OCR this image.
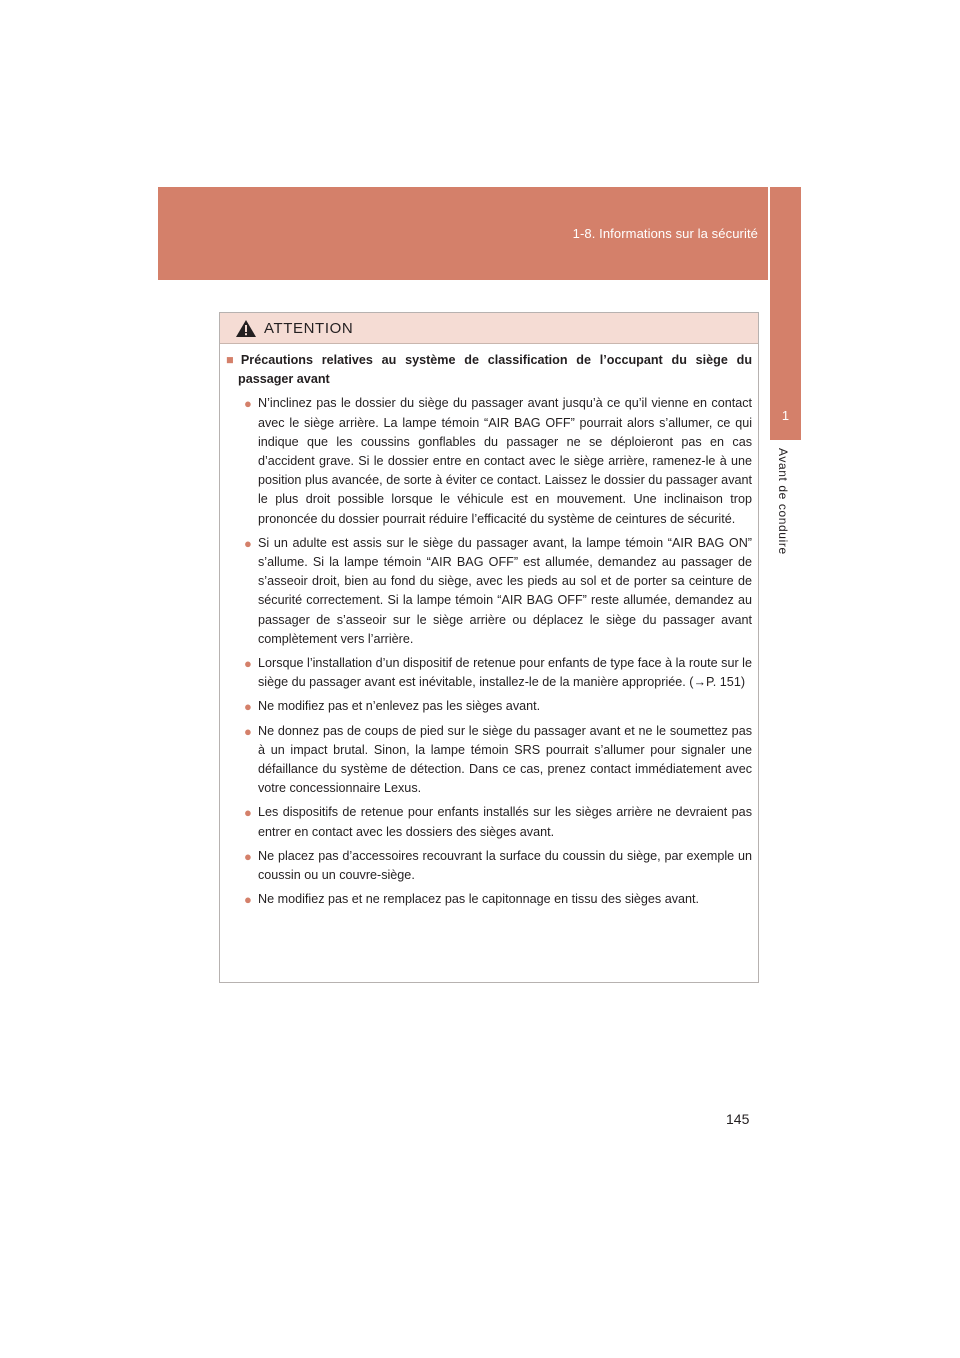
1-8. Informations sur la sécurité
1
Avant de conduire
ATTENTION
■ Précautions relatives au système de classification de l’occupant du siège du passager avant
● N’inclinez pas le dossier du siège du passager avant jusqu’à ce qu’il vienne en contact avec le siège arrière. La lampe témoin “AIR BAG OFF” pourrait alors s’allumer, ce qui indique que les coussins gonflables du passager ne se déploieront pas en cas d’accident grave. Si le dossier entre en contact avec le siège arrière, ramenez-le à une position plus avancée, de sorte à éviter ce contact. Laissez le dossier du passager avant le plus droit possible lorsque le véhicule est en mouvement. Une inclinaison trop prononcée du dossier pourrait réduire l’efficacité du système de ceintures de sécurité.
● Si un adulte est assis sur le siège du passager avant, la lampe témoin “AIR BAG ON” s’allume. Si la lampe témoin “AIR BAG OFF” est allumée, demandez au passager de s’asseoir droit, bien au fond du siège, avec les pieds au sol et de porter sa ceinture de sécurité correctement. Si la lampe témoin “AIR BAG OFF” reste allumée, demandez au passager de s’asseoir sur le siège arrière ou déplacez le siège du passager avant complètement vers l’arrière.
● Lorsque l’installation d’un dispositif de retenue pour enfants de type face à la route sur le siège du passager avant est inévitable, installez-le de la manière appropriée. (→P. 151)
● Ne modifiez pas et n’enlevez pas les sièges avant.
● Ne donnez pas de coups de pied sur le siège du passager avant et ne le soumettez pas à un impact brutal. Sinon, la lampe témoin SRS pourrait s’allumer pour signaler une défaillance du système de détection. Dans ce cas, prenez contact immédiatement avec votre concessionnaire Lexus.
● Les dispositifs de retenue pour enfants installés sur les sièges arrière ne devraient pas entrer en contact avec les dossiers des sièges avant.
● Ne placez pas d’accessoires recouvrant la surface du coussin du siège, par exemple un coussin ou un couvre-siège.
● Ne modifiez pas et ne remplacez pas le capitonnage en tissu des sièges avant.
145
